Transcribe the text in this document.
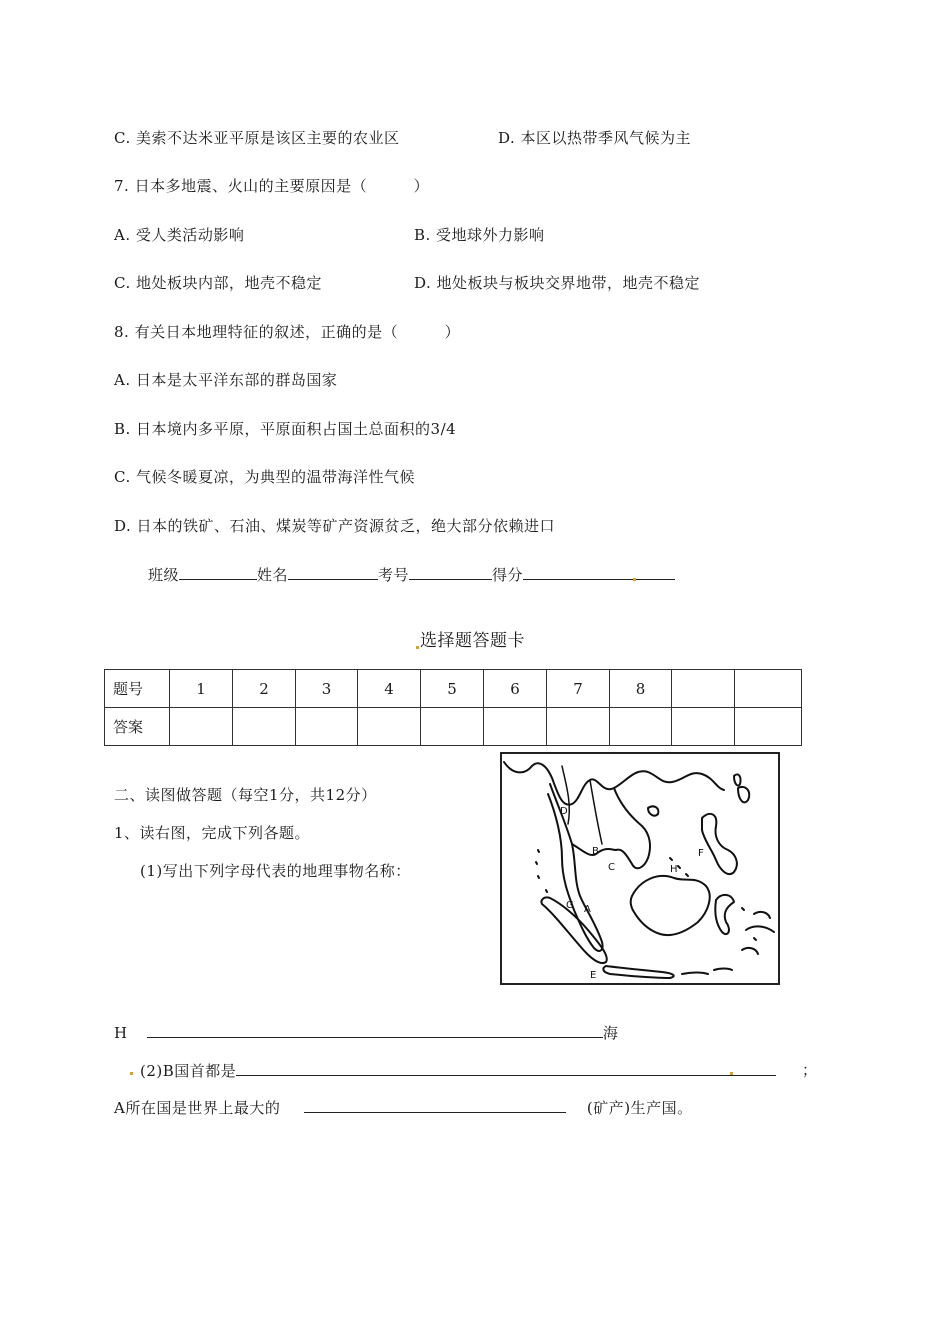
C. 美索不达米亚平原是该区主要的农业区	D. 本区以热带季风气候为主
7. 日本多地震、火山的主要原因是（　　　）
A. 受人类活动影响	B. 受地球外力影响
C. 地处板块内部，地壳不稳定	D. 地处板块与板块交界地带，地壳不稳定
8. 有关日本地理特征的叙述，正确的是（　　　）
A. 日本是太平洋东部的群岛国家
B. 日本境内多平原，平原面积占国土总面积的3/4
C. 气候冬暖夏凉，为典型的温带海洋性气候
D. 日本的铁矿、石油、煤炭等矿产资源贫乏，绝大部分依赖进口
班级	姓名	考号	得分
选择题答题卡
题号	1	2	3	4	5	6	7	8		
答案										
二、读图做答题（每空1分，共12分）
1、读右图，完成下列各题。
(1)写出下列字母代表的地理事物名称：
D
B
C	H
F
G A
E
H	海
(2)B国首都是	；
A所在国是世界上最大的	(矿产)生产国。
